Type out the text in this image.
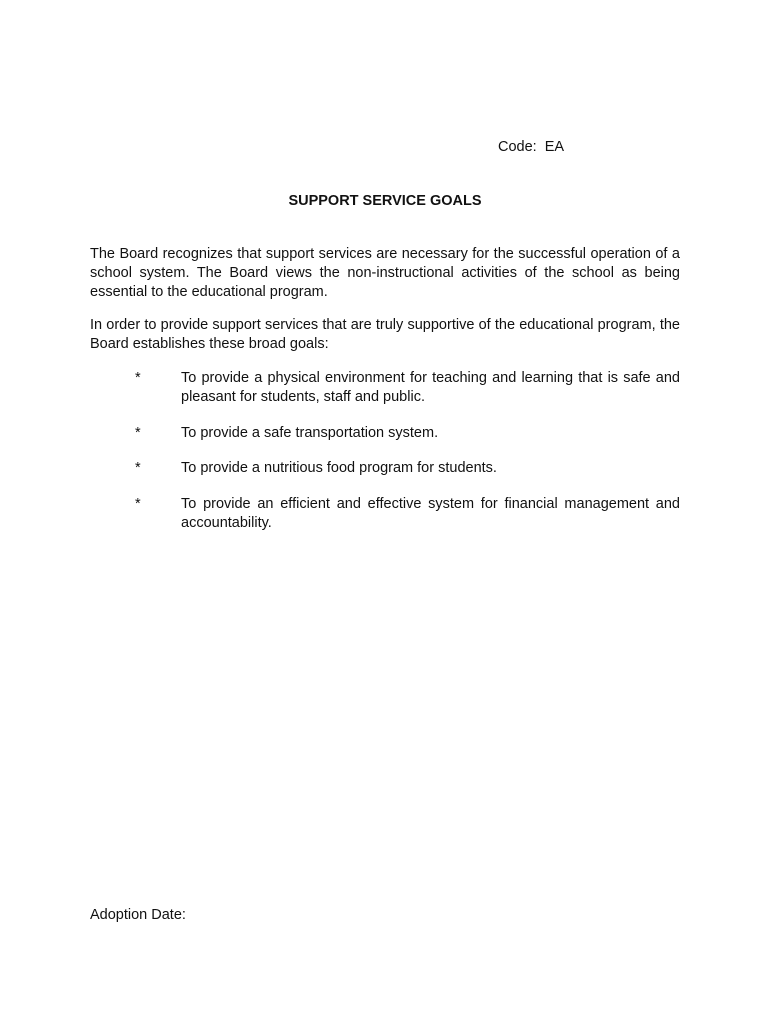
Code: EA
SUPPORT SERVICE GOALS

The Board recognizes that support services are necessary for the successful operation of a school system. The Board views the non-instructional activities of the school as being essential to the educational program.

In order to provide support services that are truly supportive of the educational program, the Board establishes these broad goals:

*	To provide a physical environment for teaching and learning that is safe and pleasant for students, staff and public.
*	To provide a safe transportation system.
*	To provide a nutritious food program for students.
*	To provide an efficient and effective system for financial management and accountability.
Adoption Date:
